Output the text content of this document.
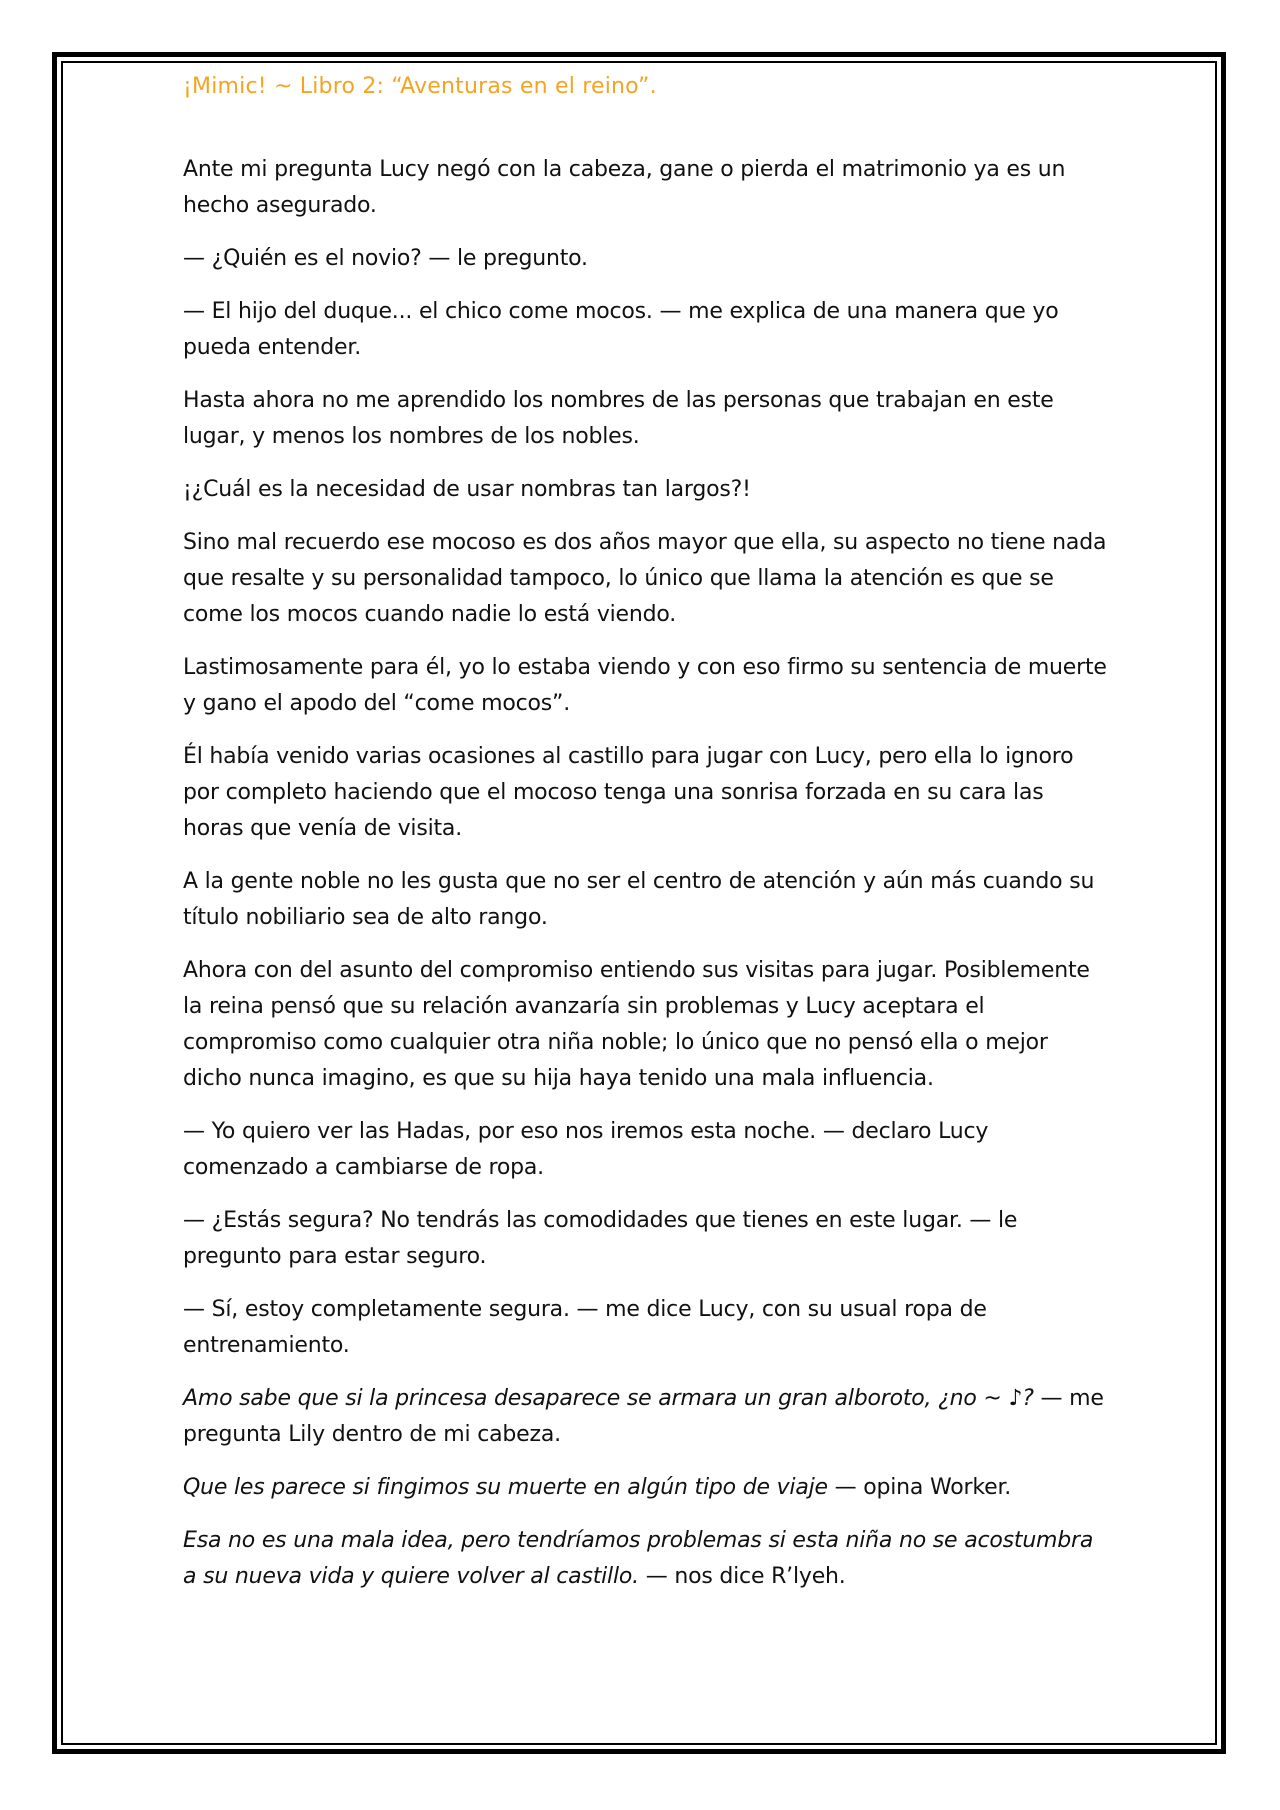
¡Mimic! ~ Libro 2: “Aventuras en el reino”.

Ante mi pregunta Lucy negó con la cabeza, gane o pierda el matrimonio ya es un hecho asegurado.

— ¿Quién es el novio? — le pregunto.

— El hijo del duque... el chico come mocos. — me explica de una manera que yo pueda entender.

Hasta ahora no me aprendido los nombres de las personas que trabajan en este lugar, y menos los nombres de los nobles.

¡¿Cuál es la necesidad de usar nombras tan largos?!

Sino mal recuerdo ese mocoso es dos años mayor que ella, su aspecto no tiene nada que resalte y su personalidad tampoco, lo único que llama la atención es que se come los mocos cuando nadie lo está viendo.

Lastimosamente para él, yo lo estaba viendo y con eso firmo su sentencia de muerte y gano el apodo del “come mocos”.

Él había venido varias ocasiones al castillo para jugar con Lucy, pero ella lo ignoro por completo haciendo que el mocoso tenga una sonrisa forzada en su cara las horas que venía de visita.

A la gente noble no les gusta que no ser el centro de atención y aún más cuando su título nobiliario sea de alto rango.

Ahora con del asunto del compromiso entiendo sus visitas para jugar. Posiblemente la reina pensó que su relación avanzaría sin problemas y Lucy aceptara el compromiso como cualquier otra niña noble; lo único que no pensó ella o mejor dicho nunca imagino, es que su hija haya tenido una mala influencia.

— Yo quiero ver las Hadas, por eso nos iremos esta noche. — declaro Lucy comenzado a cambiarse de ropa.

— ¿Estás segura? No tendrás las comodidades que tienes en este lugar. — le pregunto para estar seguro.

— Sí, estoy completamente segura. — me dice Lucy, con su usual ropa de entrenamiento.

Amo sabe que si la princesa desaparece se armara un gran alboroto, ¿no ~ ♪? — me pregunta Lily dentro de mi cabeza.

Que les parece si fingimos su muerte en algún tipo de viaje — opina Worker.

Esa no es una mala idea, pero tendríamos problemas si esta niña no se acostumbra a su nueva vida y quiere volver al castillo. — nos dice R’lyeh.
